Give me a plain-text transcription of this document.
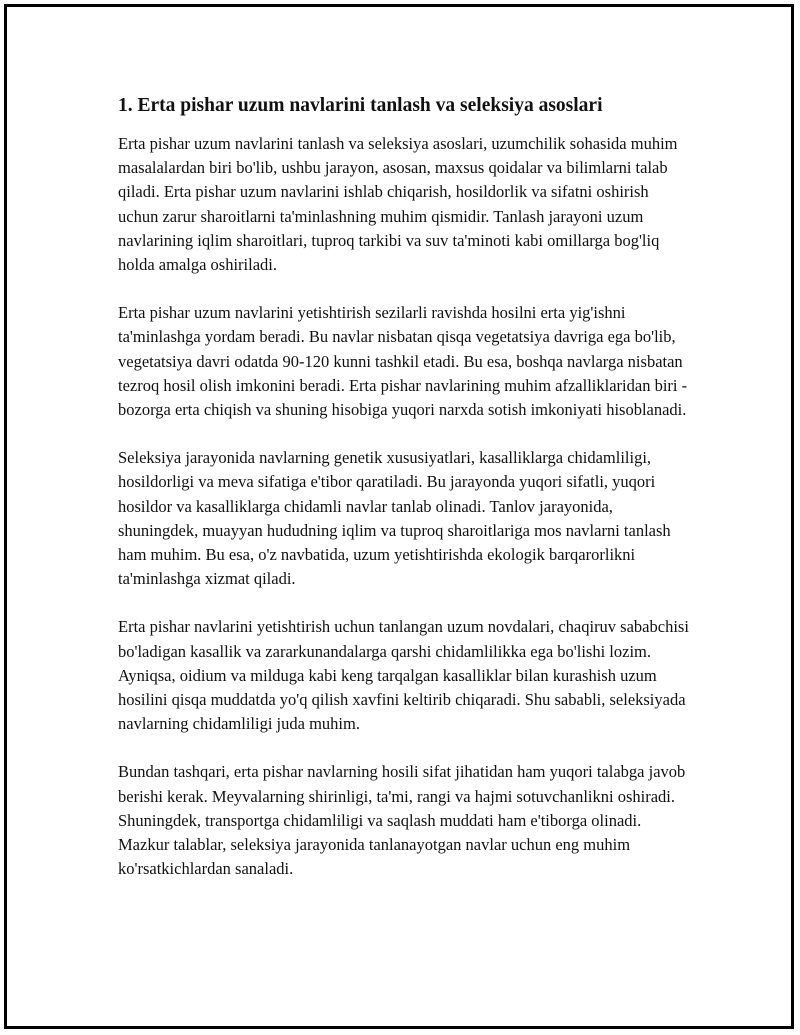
1. Erta pishar uzum navlarini tanlash va seleksiya asoslari

Erta pishar uzum navlarini tanlash va seleksiya asoslari, uzumchilik sohasida muhim masalalardan biri bo'lib, ushbu jarayon, asosan, maxsus qoidalar va bilimlarni talab qiladi. Erta pishar uzum navlarini ishlab chiqarish, hosildorlik va sifatni oshirish uchun zarur sharoitlarni ta'minlashning muhim qismidir. Tanlash jarayoni uzum navlarining iqlim sharoitlari, tuproq tarkibi va suv ta'minoti kabi omillarga bog'liq holda amalga oshiriladi.

Erta pishar uzum navlarini yetishtirish sezilarli ravishda hosilni erta yig'ishni ta'minlashga yordam beradi. Bu navlar nisbatan qisqa vegetatsiya davriga ega bo'lib, vegetatsiya davri odatda 90-120 kunni tashkil etadi. Bu esa, boshqa navlarga nisbatan tezroq hosil olish imkonini beradi. Erta pishar navlarining muhim afzalliklaridan biri - bozorga erta chiqish va shuning hisobiga yuqori narxda sotish imkoniyati hisoblanadi.

Seleksiya jarayonida navlarning genetik xususiyatlari, kasalliklarga chidamliligi, hosildorligi va meva sifatiga e'tibor qaratiladi. Bu jarayonda yuqori sifatli, yuqori hosildor va kasalliklarga chidamli navlar tanlab olinadi. Tanlov jarayonida, shuningdek, muayyan hududning iqlim va tuproq sharoitlariga mos navlarni tanlash ham muhim. Bu esa, o'z navbatida, uzum yetishtirishda ekologik barqarorlikni ta'minlashga xizmat qiladi.

Erta pishar navlarini yetishtirish uchun tanlangan uzum novdalari, chaqiruv sababchisi bo'ladigan kasallik va zararkunandalarga qarshi chidamlilikka ega bo'lishi lozim. Ayniqsa, oidium va milduga kabi keng tarqalgan kasalliklar bilan kurashish uzum hosilini qisqa muddatda yo'q qilish xavfini keltirib chiqaradi. Shu sababli, seleksiyada navlarning chidamliligi juda muhim.

Bundan tashqari, erta pishar navlarning hosili sifat jihatidan ham yuqori talabga javob berishi kerak. Meyvalarning shirinligi, ta'mi, rangi va hajmi sotuvchanlikni oshiradi. Shuningdek, transportga chidamliligi va saqlash muddati ham e'tiborga olinadi. Mazkur talablar, seleksiya jarayonida tanlanayotgan navlar uchun eng muhim ko'rsatkichlardan sanaladi.
